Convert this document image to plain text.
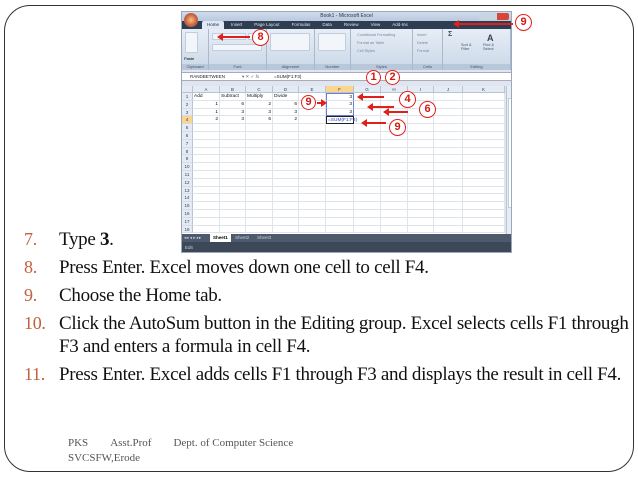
Book1 - Microsoft Excel
Home	Insert	Page Layout	Formulas	Data	Review	View	Add-Ins
Paste
Clipboard	Font	Alignment	Number
Conditional Formatting
Format as Table
Cell Styles
Styles
Insert
Delete
Format
Cells
Σ
Sort & Filter
A
Find & Select
Editing
RANDBETWEEN	▾ ✕ ✓ fx	=SUM(F1:F3)
A	B	C	D	E	F	G	H	I	J	K
1
2
3
4
5
6
7
8
9
10
11
12
13
14
15
16
17
18
Add	Subtract	Multiply	Divide	3
1	6	2	6	3
1	3	3	3	3
2	3	6	2	=SUM(F1:F3)
◂◂ ◂ ▸ ▸▸	Sheet1	Sheet2	Sheet3
Edit
8
9
1	2
4
6
9
9
7. Type 3.
8. Press Enter. Excel moves down one cell to cell F4.
9. Choose the Home tab.
10. Click the AutoSum button in the Editing group. Excel selects cells F1 through F3 and enters a formula in cell F4.
11. Press Enter. Excel adds cells F1 through F3 and displays the result in cell F4.
PKS Asst.Prof Dept. of Computer Science
SVCSFW,Erode
